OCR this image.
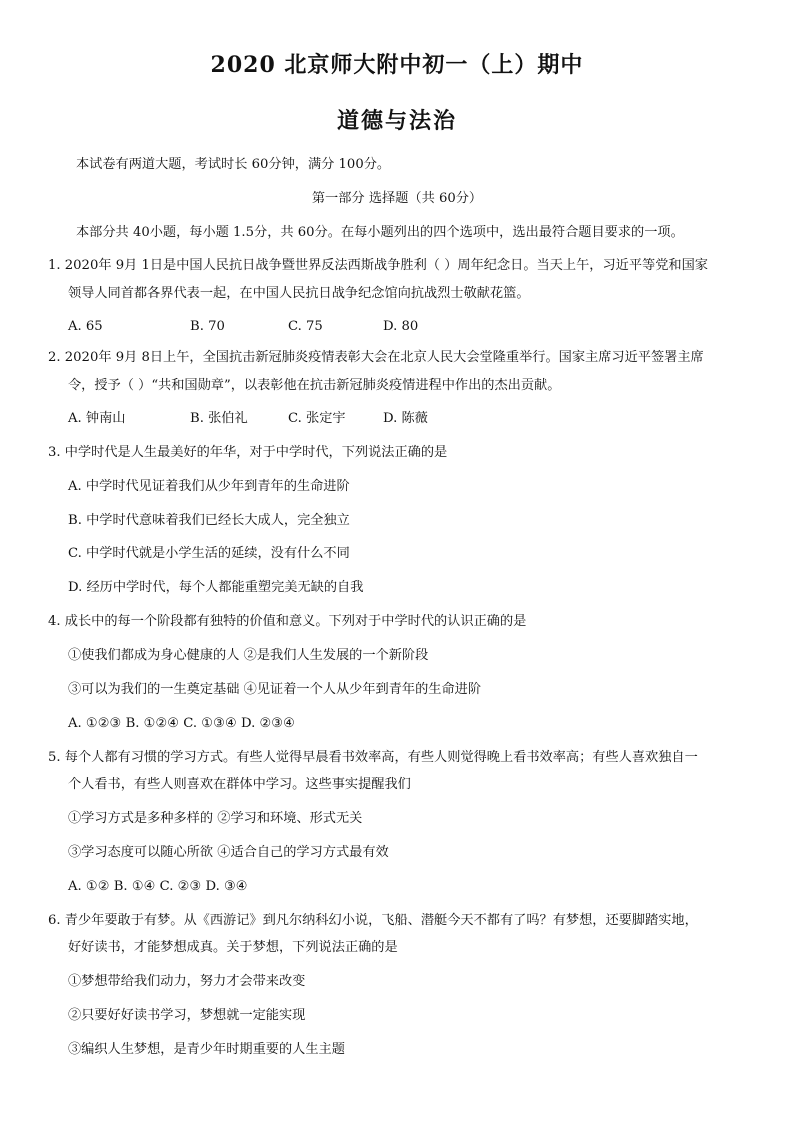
2020 北京师大附中初一（上）期中
道德与法治
本试卷有两道大题，考试时长 60分钟，满分 100分。
第一部分 选择题（共 60分）
本部分共 40小题，每小题 1.5分，共 60分。在每小题列出的四个选项中，选出最符合题目要求的一项。
1. 2020年 9月 1日是中国人民抗日战争暨世界反法西斯战争胜利（ ）周年纪念日。当天上午，习近平等党和国家
领导人同首都各界代表一起，在中国人民抗日战争纪念馆向抗战烈士敬献花篮。
A. 65	B. 70	C. 75	D. 80
2. 2020年 9月 8日上午，全国抗击新冠肺炎疫情表彰大会在北京人民大会堂隆重举行。国家主席习近平签署主席
令，授予（ ）“共和国勋章”，以表彰他在抗击新冠肺炎疫情进程中作出的杰出贡献。
A. 钟南山	B. 张伯礼	C. 张定宇	D. 陈薇
3. 中学时代是人生最美好的年华，对于中学时代，下列说法正确的是
A. 中学时代见证着我们从少年到青年的生命进阶
B. 中学时代意味着我们已经长大成人，完全独立
C. 中学时代就是小学生活的延续，没有什么不同
D. 经历中学时代，每个人都能重塑完美无缺的自我
4. 成长中的每一个阶段都有独特的价值和意义。下列对于中学时代的认识正确的是
①使我们都成为身心健康的人 ②是我们人生发展的一个新阶段
③可以为我们的一生奠定基础 ④见证着一个人从少年到青年的生命进阶
A. ①②③ B. ①②④ C. ①③④ D. ②③④
5. 每个人都有习惯的学习方式。有些人觉得早晨看书效率高，有些人则觉得晚上看书效率高；有些人喜欢独自一
个人看书，有些人则喜欢在群体中学习。这些事实提醒我们
①学习方式是多种多样的 ②学习和环境、形式无关
③学习态度可以随心所欲 ④适合自己的学习方式最有效
A. ①② B. ①④ C. ②③ D. ③④
6. 青少年要敢于有梦。从《西游记》到凡尔纳科幻小说，飞船、潜艇今天不都有了吗？有梦想，还要脚踏实地，
好好读书，才能梦想成真。关于梦想，下列说法正确的是
①梦想带给我们动力，努力才会带来改变
②只要好好读书学习，梦想就一定能实现
③编织人生梦想，是青少年时期重要的人生主题
